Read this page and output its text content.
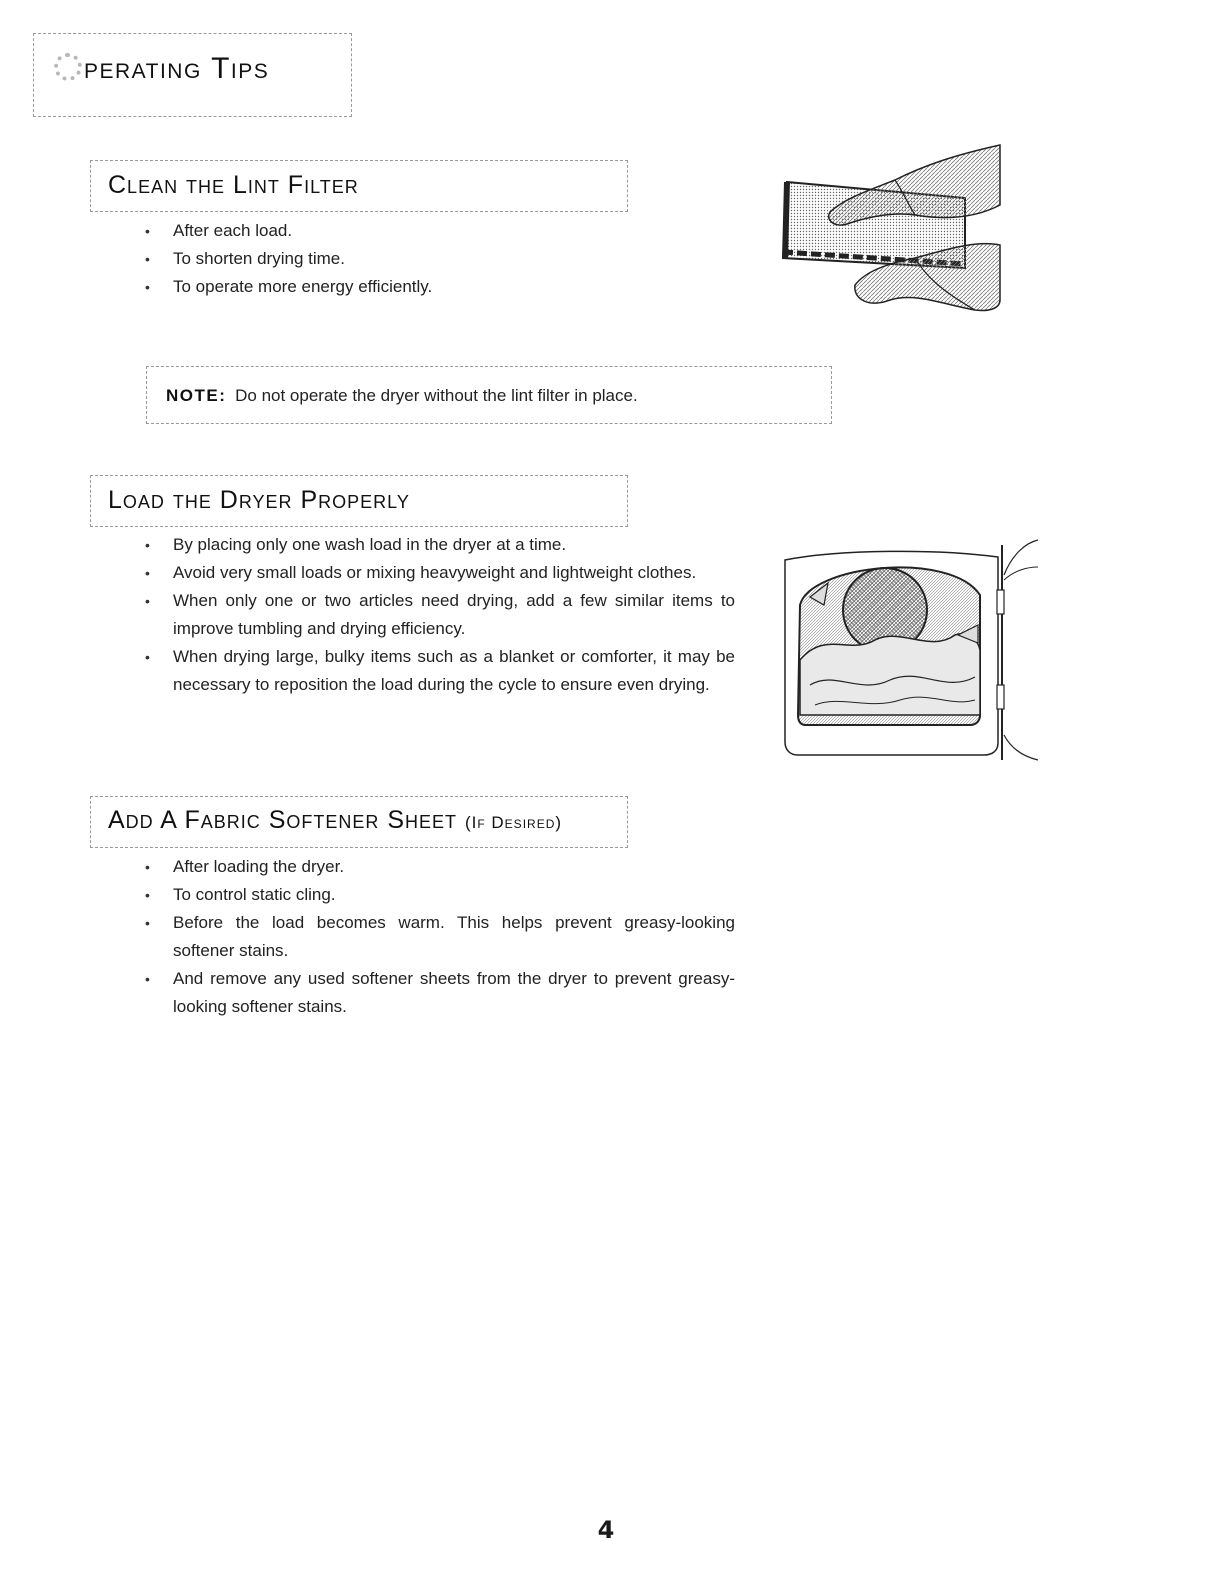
perating Tips
Clean the Lint Filter
• After each load.
• To shorten drying time.
• To operate more energy efficiently.
NOTE: Do not operate the dryer without the lint filter in place.
Load the Dryer Properly
• By placing only one wash load in the dryer at a time.
• Avoid very small loads or mixing heavyweight and lightweight clothes.
• When only one or two articles need drying, add a few similar items to improve tumbling and drying efficiency.
• When drying large, bulky items such as a blanket or comforter, it may be necessary to reposition the load during the cycle to ensure even drying.
Add A Fabric Softener Sheet (If Desired)
• After loading the dryer.
• To control static cling.
• Before the load becomes warm. This helps prevent greasy-looking softener stains.
• And remove any used softener sheets from the dryer to prevent greasy-looking softener stains.
4
